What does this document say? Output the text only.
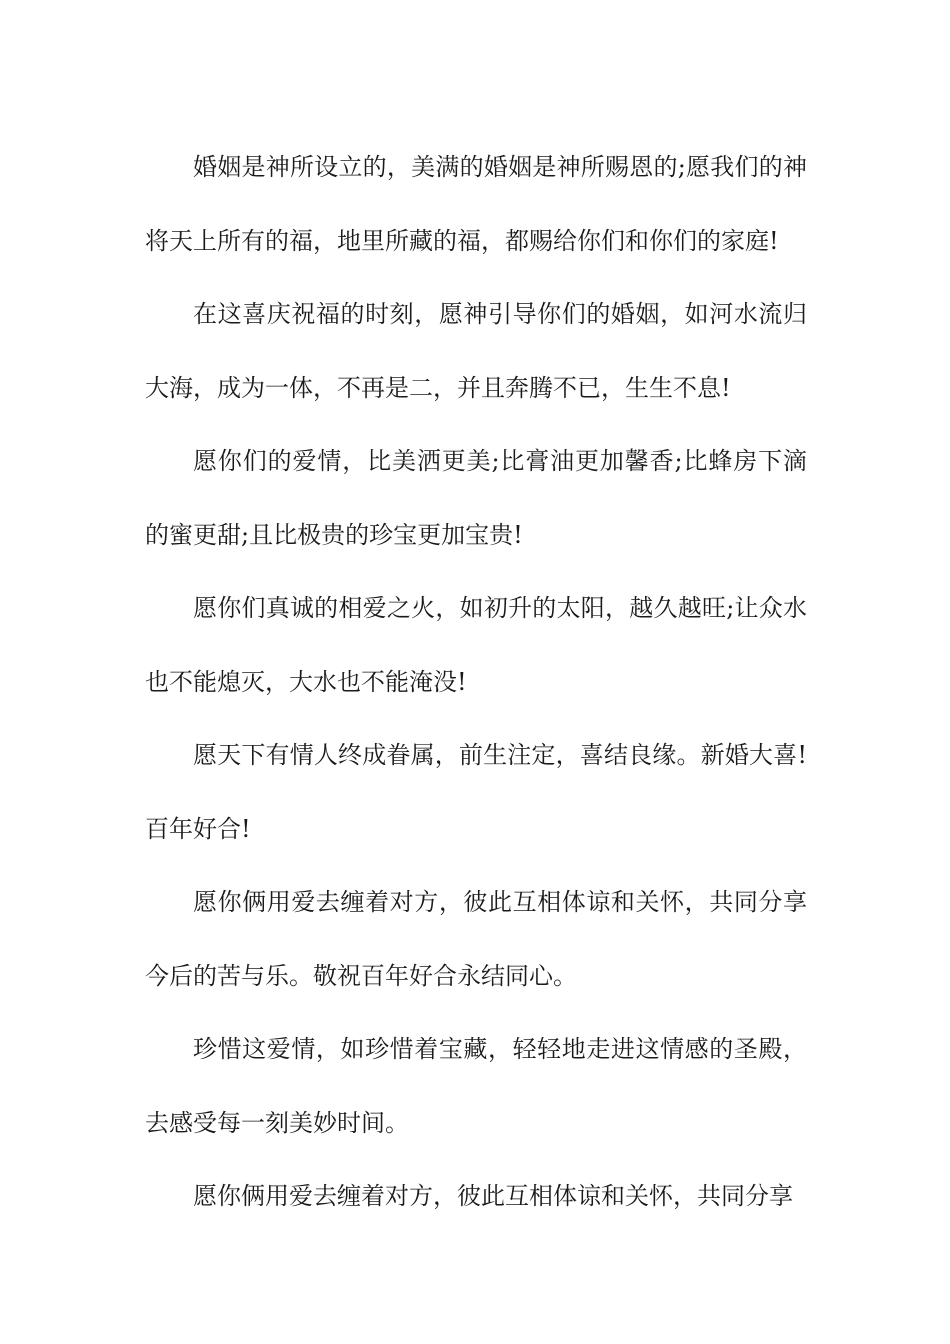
婚姻是神所设立的，美满的婚姻是神所赐恩的;愿我们的神将天上所有的福，地里所藏的福，都赐给你们和你们的家庭!

在这喜庆祝福的时刻，愿神引导你们的婚姻，如河水流归大海，成为一体，不再是二，并且奔腾不已，生生不息!

愿你们的爱情，比美洒更美;比膏油更加馨香;比蜂房下滴的蜜更甜;且比极贵的珍宝更加宝贵!

愿你们真诚的相爱之火，如初升的太阳，越久越旺;让众水也不能熄灭，大水也不能淹没!

愿天下有情人终成眷属，前生注定，喜结良缘。新婚大喜!百年好合!

愿你俩用爱去缠着对方，彼此互相体谅和关怀，共同分享今后的苦与乐。敬祝百年好合永结同心。

珍惜这爱情，如珍惜着宝藏，轻轻地走进这情感的圣殿，去感受每一刻美妙时间。

愿你俩用爱去缠着对方，彼此互相体谅和关怀，共同分享
